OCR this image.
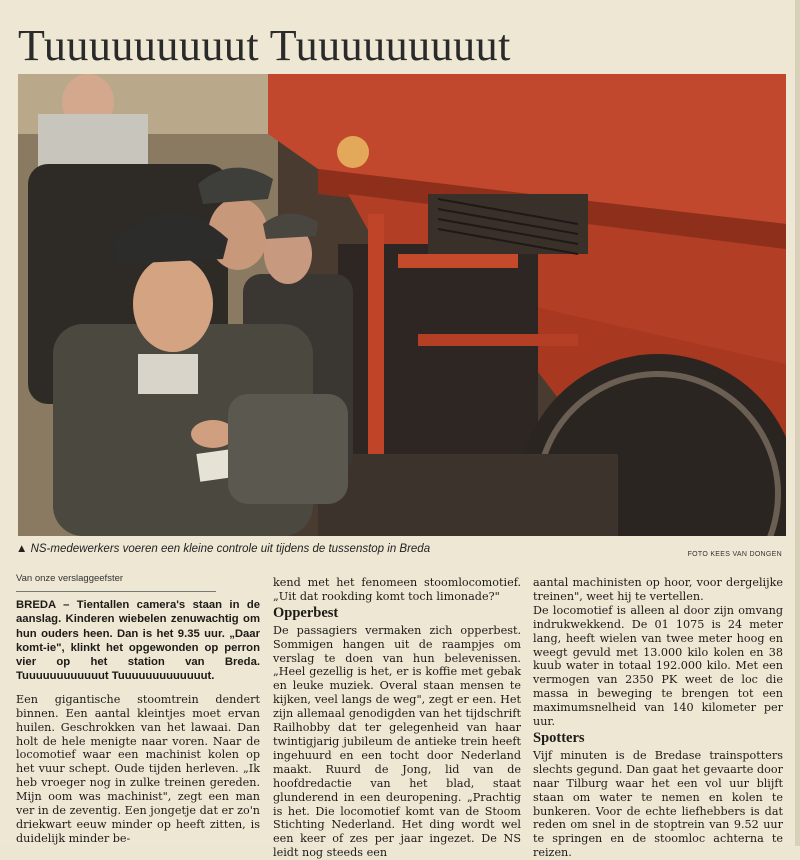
Tuuuuuuuuut Tuuuuuuuuut
▲ NS-medewerkers voeren een kleine controle uit tijdens de tussenstop in Breda	FOTO KEES VAN DONGEN
Van onze verslaggeefster

BREDA – Tientallen camera's staan in de aanslag. Kinderen wiebelen zenuwachtig om hun ouders heen. Dan is het 9.35 uur. „Daar komt-ie", klinkt het opgewonden op perron vier op het station van Breda. Tuuuuuuuuuuuut Tuuuuuuuuuuuuut.

Een gigantische stoomtrein dendert binnen. Een aantal kleintjes moet ervan huilen. Geschrokken van het lawaai. Dan holt de hele menigte naar voren. Naar de locomotief waar een machinist kolen op het vuur schept. Oude tijden herleven. „Ik heb vroeger nog in zulke treinen gereden. Mijn oom was machinist", zegt een man ver in de zeventig. Een jongetje dat er zo'n driekwart eeuw minder op heeft zitten, is duidelijk minder be-

kend met het fenomeen stoomlocomotief. „Uit dat rookding komt toch limonade?"

Opperbest

De passagiers vermaken zich opperbest. Sommigen hangen uit de raampjes om verslag te doen van hun belevenissen. „Heel gezellig is het, er is koffie met gebak en leuke muziek. Overal staan mensen te kijken, veel langs de weg", zegt er een. Het zijn allemaal genodigden van het tijdschrift Railhobby dat ter gelegenheid van haar twintigjarig jubileum de antieke trein heeft ingehuurd en een tocht door Nederland maakt. Ruurd de Jong, lid van de hoofdredactie van het blad, staat glunderend in een deuropening. „Prachtig is het. Die locomotief komt van de Stoom Stichting Nederland. Het ding wordt wel een keer of zes per jaar ingezet. De NS leidt nog steeds een

aantal machinisten op hoor, voor dergelijke treinen", weet hij te vertellen.

De locomotief is alleen al door zijn omvang indrukwekkend. De 01 1075 is 24 meter lang, heeft wielen van twee meter hoog en weegt gevuld met 13.000 kilo kolen en 38 kuub water in totaal 192.000 kilo. Met een vermogen van 2350 PK weet de loc die massa in beweging te brengen tot een maximumsnelheid van 140 kilometer per uur.

Spotters

Vijf minuten is de Bredase trainspotters slechts gegund. Dan gaat het gevaarte door naar Tilburg waar het een vol uur blijft staan om water te nemen en kolen te bunkeren. Voor de echte liefhebbers is dat reden om snel in de stoptrein van 9.52 uur te springen en de stoomloc achterna te reizen.
